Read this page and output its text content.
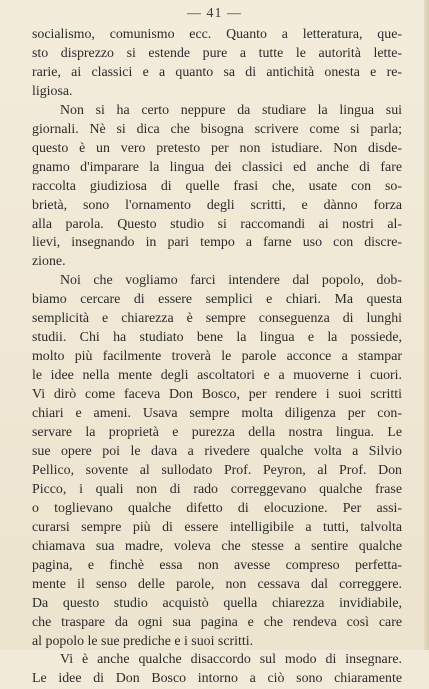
— 41 —
socialismo, comunismo ecc. Quanto a letteratura, que-
sto disprezzo si estende pure a tutte le autorità lette-
rarie, ai classici e a quanto sa di antichità onesta e re-
ligiosa.
Non si ha certo neppure da studiare la lingua sui
giornali. Nè si dica che bisogna scrivere come si parla;
questo è un vero pretesto per non istudiare. Non disde-
gnamo d'imparare la lingua dei classici ed anche di fare
raccolta giudiziosa di quelle frasi che, usate con so-
brietà, sono l'ornamento degli scritti, e dànno forza
alla parola. Questo studio si raccomandi ai nostri al-
lievi, insegnando in pari tempo a farne uso con discre-
zione.
Noi che vogliamo farci intendere dal popolo, dob-
biamo cercare di essere semplici e chiari. Ma questa
semplicità e chiarezza è sempre conseguenza di lunghi
studii. Chi ha studiato bene la lingua e la possiede,
molto più facilmente troverà le parole acconce a stampar
le idee nella mente degli ascoltatori e a muoverne i cuori.
Vi dirò come faceva Don Bosco, per rendere i suoi scritti
chiari e ameni. Usava sempre molta diligenza per con-
servare la proprietà e purezza della nostra lingua. Le
sue opere poi le dava a rivedere qualche volta a Silvio
Pellico, sovente al sullodato Prof. Peyron, al Prof. Don
Picco, i quali non di rado correggevano qualche frase
o toglievano qualche difetto di elocuzione. Per assi-
curarsi sempre più di essere intelligibile a tutti, talvolta
chiamava sua madre, voleva che stesse a sentire qualche
pagina, e finchè essa non avesse compreso perfetta-
mente il senso delle parole, non cessava dal correggere.
Da questo studio acquistò quella chiarezza invidiabile,
che traspare da ogni sua pagina e che rendeva così care
al popolo le sue prediche e i suoi scritti.
Vi è anche qualche disaccordo sul modo di insegnare.
Le idee di Don Bosco intorno a ciò sono chiaramente
